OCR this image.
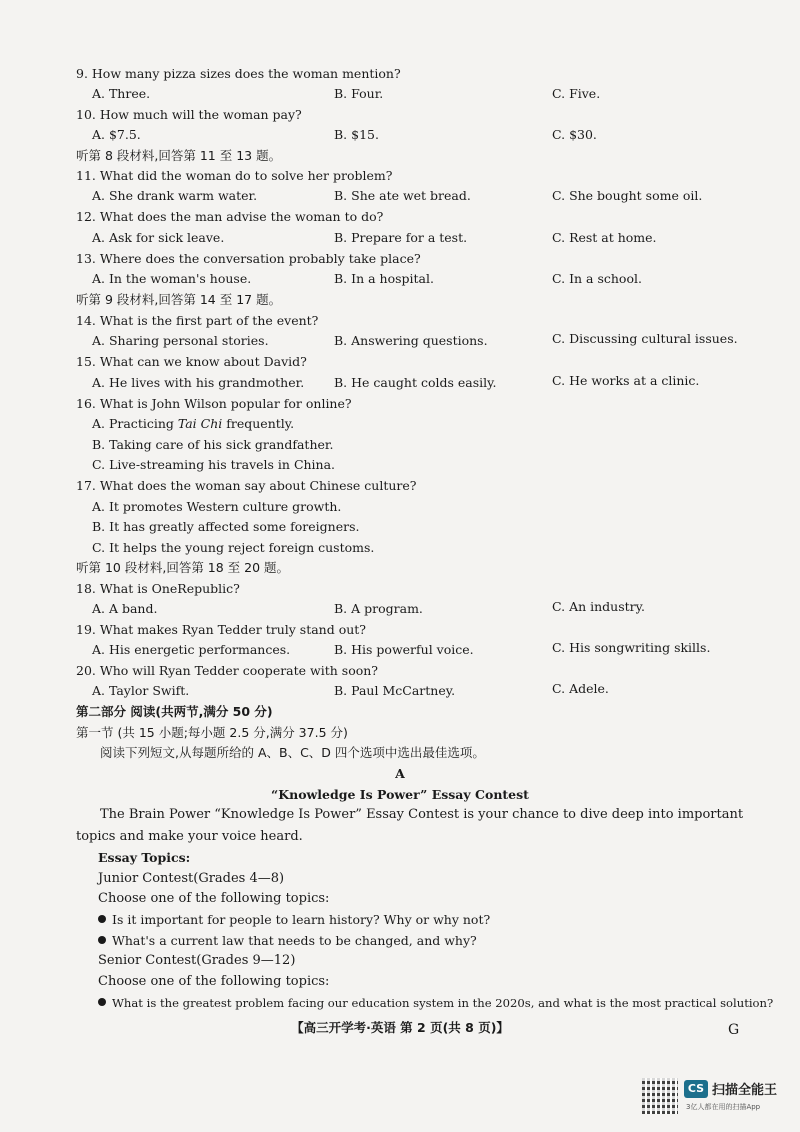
9. How many pizza sizes does the woman mention?
A. Three.	B. Four.	C. Five.
10. How much will the woman pay?
A. $7.5.	B. $15.	C. $30.
听第 8 段材料,回答第 11 至 13 题。
11. What did the woman do to solve her problem?
A. She drank warm water.	B. She ate wet bread.	C. She bought some oil.
12. What does the man advise the woman to do?
A. Ask for sick leave.	B. Prepare for a test.	C. Rest at home.
13. Where does the conversation probably take place?
A. In the woman's house.	B. In a hospital.	C. In a school.
听第 9 段材料,回答第 14 至 17 题。
14. What is the first part of the event?
A. Sharing personal stories.	B. Answering questions.	C. Discussing cultural issues.
15. What can we know about David?
A. He lives with his grandmother. B. He caught colds easily.	C. He works at a clinic.
16. What is John Wilson popular for online?
A. Practicing Tai Chi frequently.
B. Taking care of his sick grandfather.
C. Live-streaming his travels in China.
17. What does the woman say about Chinese culture?
A. It promotes Western culture growth.
B. It has greatly affected some foreigners.
C. It helps the young reject foreign customs.
听第 10 段材料,回答第 18 至 20 题。
18. What is OneRepublic?
A. A band.	B. A program.	C. An industry.
19. What makes Ryan Tedder truly stand out?
A. His energetic performances.	B. His powerful voice.	C. His songwriting skills.
20. Who will Ryan Tedder cooperate with soon?
A. Taylor Swift.	B. Paul McCartney.	C. Adele.
第二部分 阅读(共两节,满分 50 分)
第一节 (共 15 小题;每小题 2.5 分,满分 37.5 分)
阅读下列短文,从每题所给的 A、B、C、D 四个选项中选出最佳选项。
A
“Knowledge Is Power” Essay Contest
The Brain Power “Knowledge Is Power” Essay Contest is your chance to dive deep into important topics and make your voice heard.
Essay Topics:
Junior Contest(Grades 4—8)
Choose one of the following topics:
Is it important for people to learn history? Why or why not?
What's a current law that needs to be changed, and why?
Senior Contest(Grades 9—12)
Choose one of the following topics:
What is the greatest problem facing our education system in the 2020s, and what is the most practical solution?
【高三开学考·英语 第 2 页(共 8 页)】	G
CS 扫描全能王
3亿人都在用的扫描App
